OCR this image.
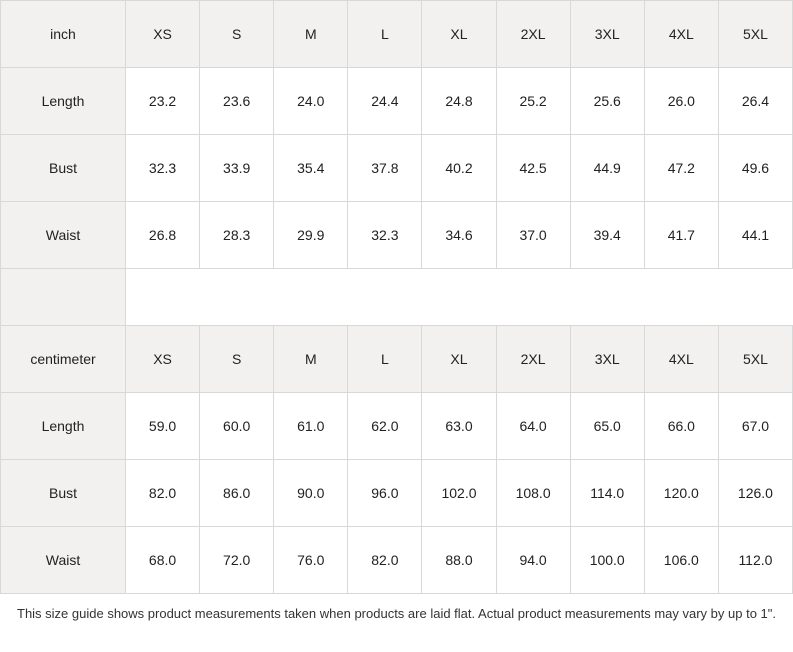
inch	XS	S	M	L	XL	2XL	3XL	4XL	5XL
Length	23.2	23.6	24.0	24.4	24.8	25.2	25.6	26.0	26.4
Bust	32.3	33.9	35.4	37.8	40.2	42.5	44.9	47.2	49.6
Waist	26.8	28.3	29.9	32.3	34.6	37.0	39.4	41.7	44.1

centimeter	XS	S	M	L	XL	2XL	3XL	4XL	5XL
Length	59.0	60.0	61.0	62.0	63.0	64.0	65.0	66.0	67.0
Bust	82.0	86.0	90.0	96.0	102.0	108.0	114.0	120.0	126.0
Waist	68.0	72.0	76.0	82.0	88.0	94.0	100.0	106.0	112.0
This size guide shows product measurements taken when products are laid flat. Actual product measurements may vary by up to 1".
